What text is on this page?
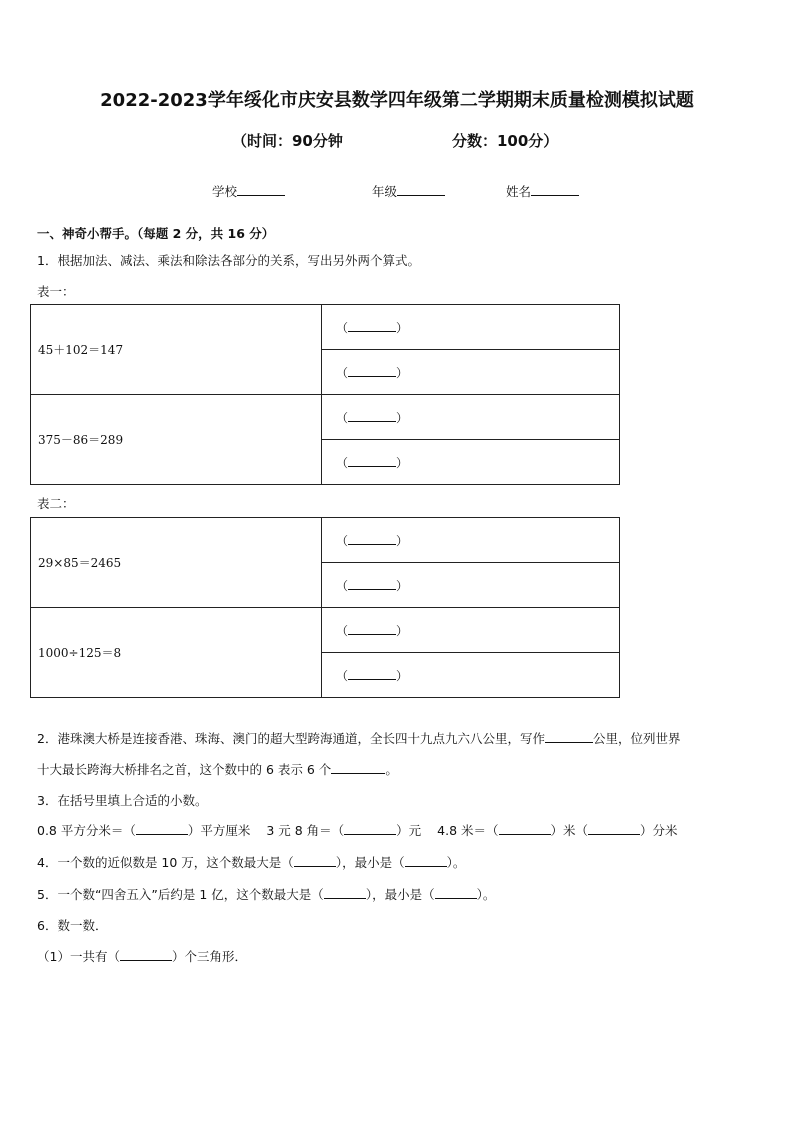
2022-2023学年绥化市庆安县数学四年级第二学期期末质量检测模拟试题
（时间：90分钟	分数：100分）
学校	年级	姓名
一、神奇小帮手。（每题 2 分，共 16 分）
1．根据加法、减法、乘法和除法各部分的关系，写出另外两个算式。
表一：
45＋102＝147	（ ）
	（ ）
375－86＝289	（ ）
	（ ）
表二：
29×85＝2465	（ ）
	（ ）
1000÷125＝8	（ ）
	（ ）
2．港珠澳大桥是连接香港、珠海、澳门的超大型跨海通道，全长四十九点九六八公里，写作	公里，位列世界
十大最长跨海大桥排名之首，这个数中的 6 表示 6 个	。
3．在括号里填上合适的小数。
0.8 平方分米＝（	）平方厘米 3 元 8 角＝（	）元 4.8 米＝（	）米（	）分米
4．一个数的近似数是 10 万，这个数最大是（	），最小是（	）。
5．一个数“四舍五入”后约是 1 亿，这个数最大是（	），最小是（	）。
6．数一数．
（1）一共有（	）个三角形．
